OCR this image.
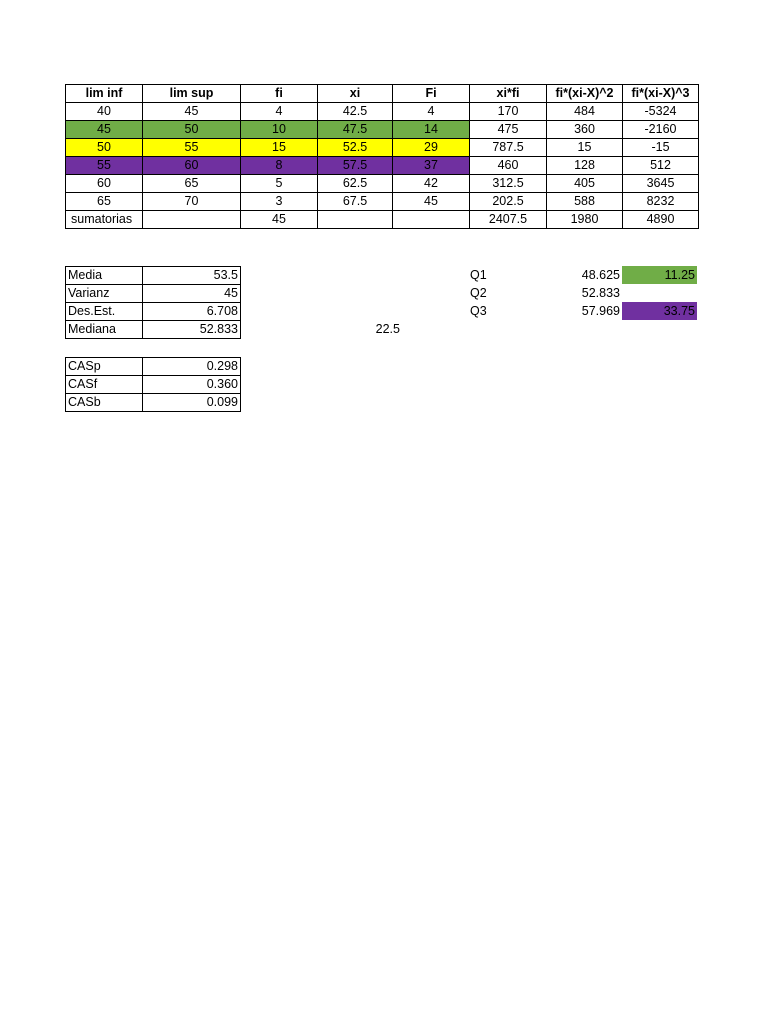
lim inf	lim sup	fi	xi	Fi	xi*fi	fi*(xi-X)^2	fi*(xi-X)^3
40	45	4	42.5	4	170	484	-5324
45	50	10	47.5	14	475	360	-2160
50	55	15	52.5	29	787.5	15	-15
55	60	8	57.5	37	460	128	512
60	65	5	62.5	42	312.5	405	3645
65	70	3	67.5	45	202.5	588	8232
sumatorias		45			2407.5	1980	4890
Media	53.5
Varianz	45
Des.Est.	6.708
Mediana	52.833	22.5
Q1	48.625	11.25
Q2	52.833
Q3	57.969	33.75
CASp	0.298
CASf	0.360
CASb	0.099
